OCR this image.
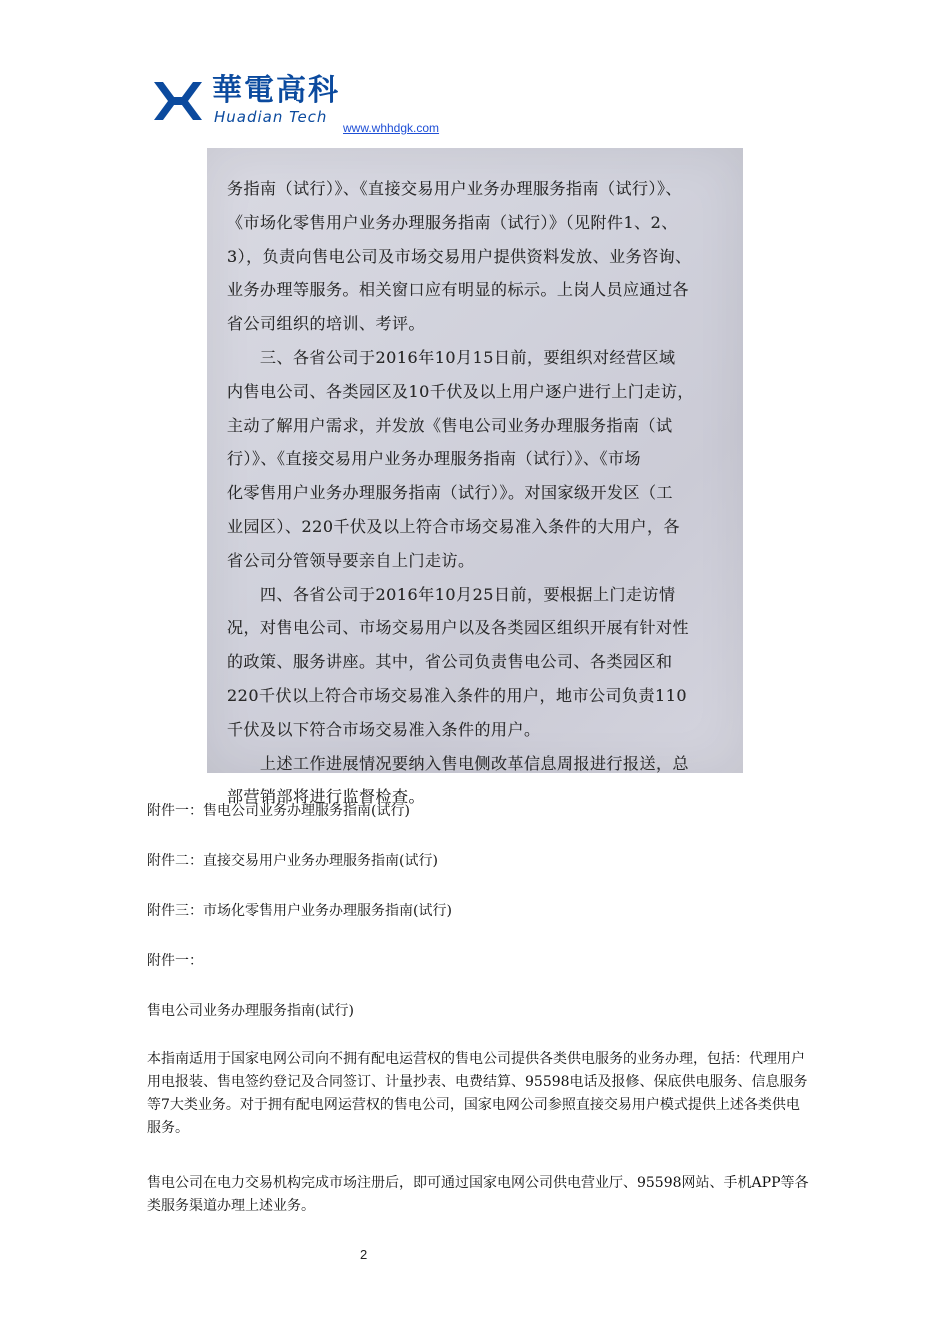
華電高科
Huadian Tech
www.whhdgk.com
务指南（试行）》、《直接交易用户业务办理服务指南（试行）》、
《市场化零售用户业务办理服务指南（试行）》（见附件1、2、
3），负责向售电公司及市场交易用户提供资料发放、业务咨询、
业务办理等服务。相关窗口应有明显的标示。上岗人员应通过各
省公司组织的培训、考评。
　　三、各省公司于2016年10月15日前，要组织对经营区域
内售电公司、各类园区及10千伏及以上用户逐户进行上门走访，
主动了解用户需求，并发放《售电公司业务办理服务指南（试
行）》、《直接交易用户业务办理服务指南（试行）》、《市场
化零售用户业务办理服务指南（试行）》。对国家级开发区（工
业园区）、220千伏及以上符合市场交易准入条件的大用户，各
省公司分管领导要亲自上门走访。
　　四、各省公司于2016年10月25日前，要根据上门走访情
况，对售电公司、市场交易用户以及各类园区组织开展有针对性
的政策、服务讲座。其中，省公司负责售电公司、各类园区和
220千伏以上符合市场交易准入条件的用户，地市公司负责110
千伏及以下符合市场交易准入条件的用户。
　　上述工作进展情况要纳入售电侧改革信息周报进行报送，总
部营销部将进行监督检查。
附件一：售电公司业务办理服务指南(试行)
附件二：直接交易用户业务办理服务指南(试行)
附件三：市场化零售用户业务办理服务指南(试行)
附件一：
售电公司业务办理服务指南(试行)
本指南适用于国家电网公司向不拥有配电运营权的售电公司提供各类供电服务的业务办理，包括：代理用户用电报装、售电签约登记及合同签订、计量抄表、电费结算、95598电话及报修、保底供电服务、信息服务等7大类业务。对于拥有配电网运营权的售电公司，国家电网公司参照直接交易用户模式提供上述各类供电服务。
售电公司在电力交易机构完成市场注册后，即可通过国家电网公司供电营业厅、95598网站、手机APP等各类服务渠道办理上述业务。
2
